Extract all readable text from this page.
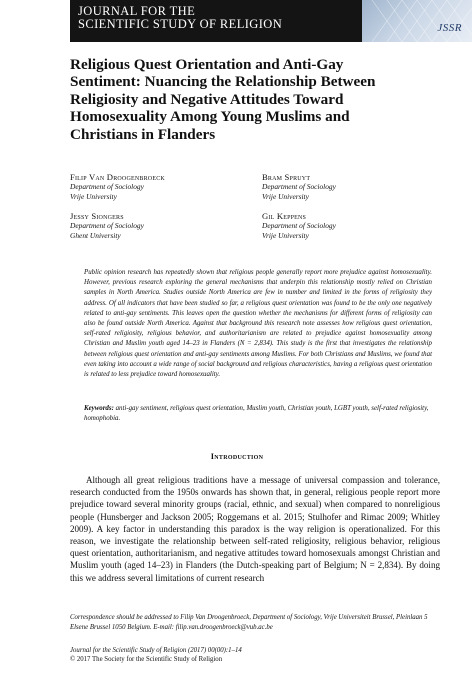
JOURNAL FOR THE
SCIENTIFIC STUDY OF RELIGION	JSSR
Religious Quest Orientation and Anti-Gay Sentiment: Nuancing the Relationship Between Religiosity and Negative Attitudes Toward Homosexuality Among Young Muslims and Christians in Flanders
Filip Van Droogenbroeck
Department of Sociology
Vrije University
Bram Spruyt
Department of Sociology
Vrije University
Jessy Siongers
Department of Sociology
Ghent University
Gil Keppens
Department of Sociology
Vrije University

Public opinion research has repeatedly shown that religious people generally report more prejudice against homosexuality. However, previous research exploring the general mechanisms that underpin this relationship mostly relied on Christian samples in North America. Studies outside North America are few in number and limited in the forms of religiosity they address. Of all indicators that have been studied so far, a religious quest orientation was found to be the only one negatively related to anti-gay sentiments. This leaves open the question whether the mechanisms for different forms of religiosity can also be found outside North America. Against that background this research note assesses how religious quest orientation, self-rated religiosity, religious behavior, and authoritarianism are related to prejudice against homosexuality among Christian and Muslim youth aged 14–23 in Flanders (N = 2,834). This study is the first that investigates the relationship between religious quest orientation and anti-gay sentiments among Muslims. For both Christians and Muslims, we found that even taking into account a wide range of social background and religious characteristics, having a religious quest orientation is related to less prejudice toward homosexuality.

Keywords: anti-gay sentiment, religious quest orientation, Muslim youth, Christian youth, LGBT youth, self-rated religiosity, homophobia.

Introduction

Although all great religious traditions have a message of universal compassion and tolerance, research conducted from the 1950s onwards has shown that, in general, religious people report more prejudice toward several minority groups (racial, ethnic, and sexual) when compared to nonreligious people (Hunsberger and Jackson 2005; Roggemans et al. 2015; Stulhofer and Rimac 2009; Whitley 2009). A key factor in understanding this paradox is the way religion is operationalized. For this reason, we investigate the relationship between self-rated religiosity, religious behavior, religious quest orientation, authoritarianism, and negative attitudes toward homosexuals amongst Christian and Muslim youth (aged 14–23) in Flanders (the Dutch-speaking part of Belgium; N = 2,834). By doing this we address several limitations of current research

Correspondence should be addressed to Filip Van Droogenbroeck, Department of Sociology, Vrije Universiteit Brussel, Pleinlaan 5 Elsene Brussel 1050 Belgium. E-mail: filip.van.droogenbroeck@vub.ac.be

Journal for the Scientific Study of Religion (2017) 00(00):1–14
© 2017 The Society for the Scientific Study of Religion
